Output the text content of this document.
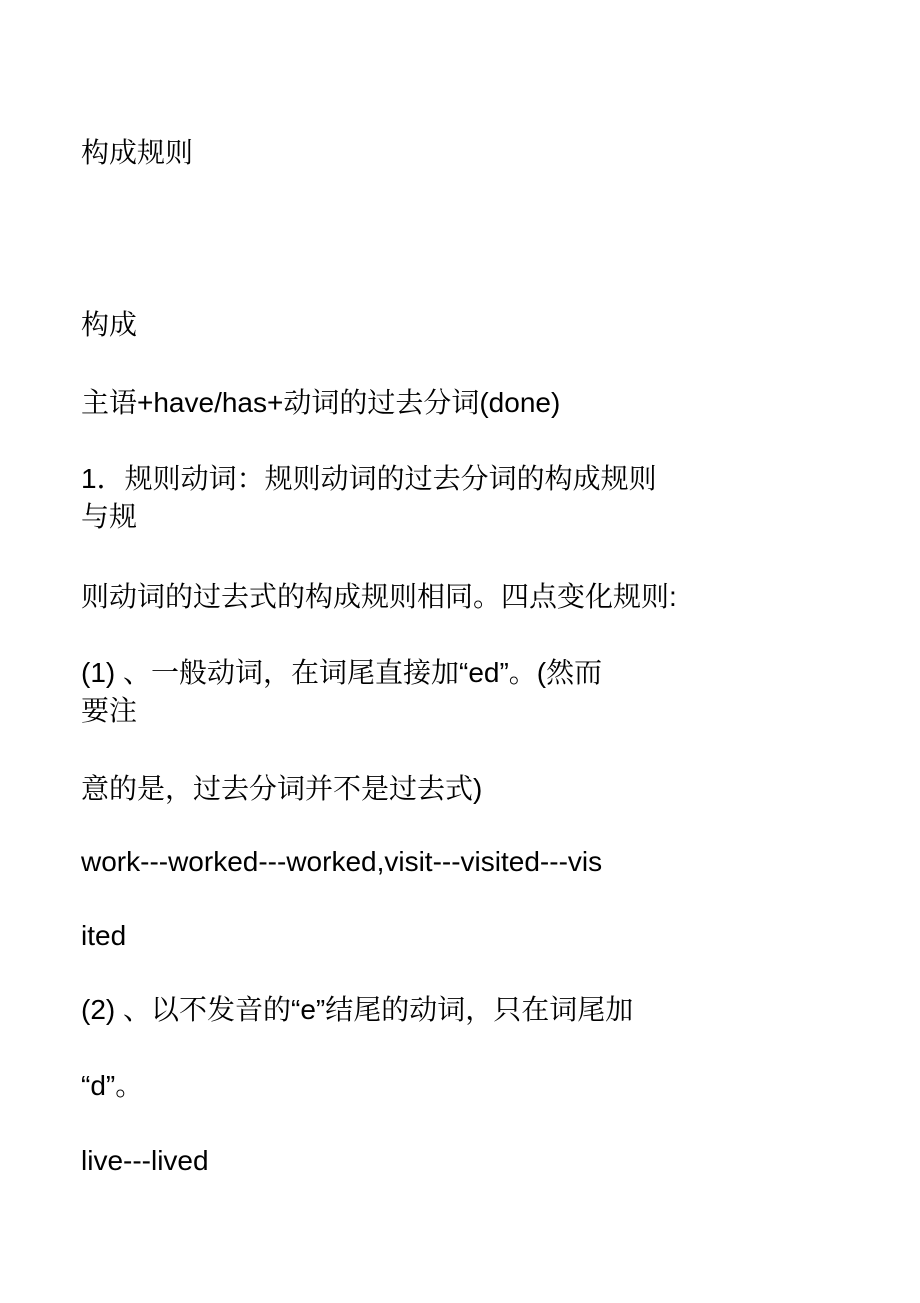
构成规则
构成
主语+have/has+动词的过去分词(done)
1．规则动词：规则动词的过去分词的构成规则
与规
则动词的过去式的构成规则相同。四点变化规则:
(1) 、一般动词，在词尾直接加“ed”。(然而
要注
意的是，过去分词并不是过去式)
work---worked---worked,visit---visited---vis
ited
(2) 、以不发音的“e”结尾的动词，只在词尾加
“d”。
live---lived
